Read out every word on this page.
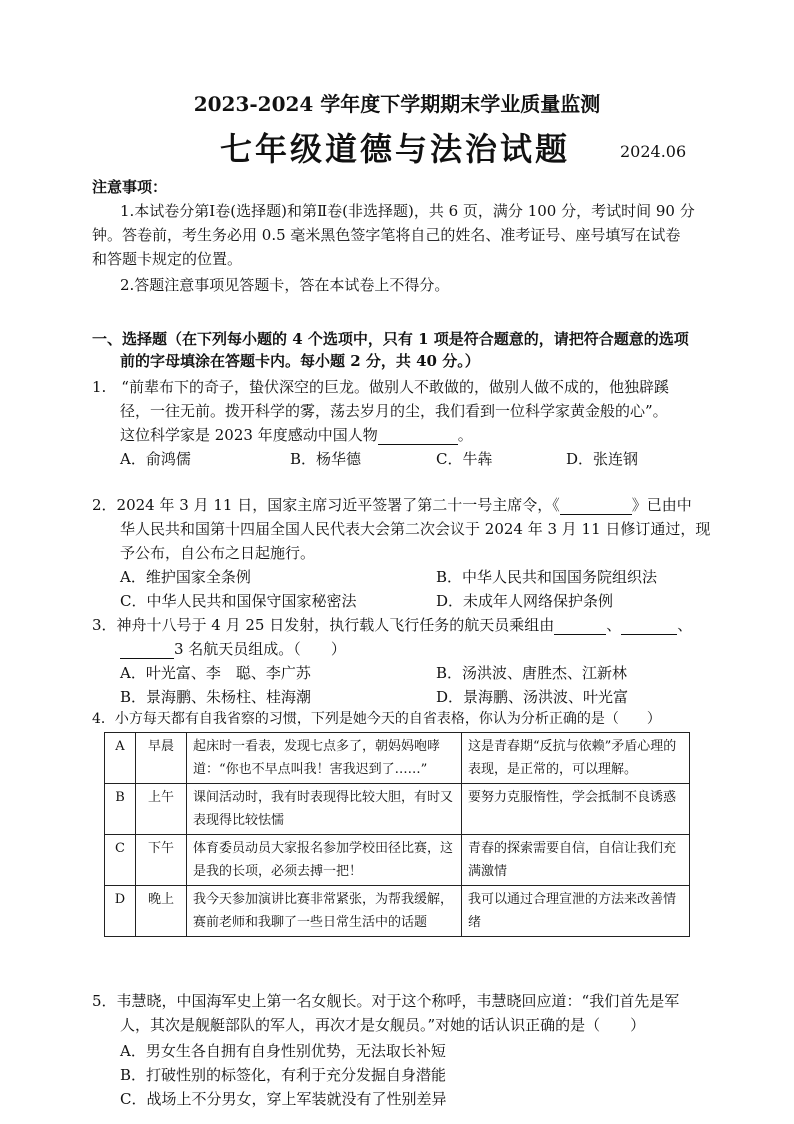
2023-2024 学年度下学期期末学业质量监测
七年级道德与法治试题	2024.06
注意事项：
1.本试卷分第Ⅰ卷(选择题)和第Ⅱ卷(非选择题)，共 6 页，满分 100 分，考试时间 90 分
钟。答卷前，考生务必用 0.5 毫米黑色签字笔将自己的姓名、准考证号、座号填写在试卷
和答题卡规定的位置。
2.答题注意事项见答题卡，答在本试卷上不得分。
一、选择题（在下列每小题的 4 个选项中，只有 1 项是符合题意的，请把符合题意的选项
前的字母填涂在答题卡内。每小题 2 分，共 40 分。）
1.　“前辈布下的奇子，蛰伏深空的巨龙。做别人不敢做的，做别人做不成的，他独辟蹊
径，一往无前。拨开科学的雾，荡去岁月的尘，我们看到一位科学家黄金般的心”。
这位科学家是 2023 年度感动中国人物	。
A．俞鸿儒	B．杨华德	C．牛犇	D．张连钢
2．2024 年 3 月 11 日，国家主席习近平签署了第二十一号主席令，《	》已由中
华人民共和国第十四届全国人民代表大会第二次会议于 2024 年 3 月 11 日修订通过，现
予公布，自公布之日起施行。
A．维护国家全条例	B．中华人民共和国国务院组织法
C．中华人民共和国保守国家秘密法	D．未成年人网络保护条例
3．神舟十八号于 4 月 25 日发射，执行载人飞行任务的航天员乘组由	、	、
3 名航天员组成。（　　）
A．叶光富、李　聪、李广苏	B．汤洪波、唐胜杰、江新林
B．景海鹏、朱杨柱、桂海潮	D．景海鹏、汤洪波、叶光富
4．小方每天都有自我省察的习惯，下列是她今天的自省表格，你认为分析正确的是（　　）
A	早晨	起床时一看表，发现七点多了，朝妈妈咆哮道：“你也不早点叫我！害我迟到了……”	这是青春期“反抗与依赖”矛盾心理的表现，是正常的，可以理解。
B	上午	课间活动时，我有时表现得比较大胆，有时又表现得比较怯懦	要努力克服惰性，学会抵制不良诱惑
C	下午	体育委员动员大家报名参加学校田径比赛，这是我的长项，必须去搏一把！	青春的探索需要自信，自信让我们充满激情
D	晚上	我今天参加演讲比赛非常紧张，为帮我缓解，赛前老师和我聊了一些日常生活中的话题	我可以通过合理宣泄的方法来改善情绪
5．韦慧晓，中国海军史上第一名女舰长。对于这个称呼，韦慧晓回应道：“我们首先是军
人，其次是舰艇部队的军人，再次才是女舰员。”对她的话认识正确的是（　　）
A．男女生各自拥有自身性别优势，无法取长补短
B．打破性别的标签化，有利于充分发掘自身潜能
C．战场上不分男女，穿上军装就没有了性别差异
